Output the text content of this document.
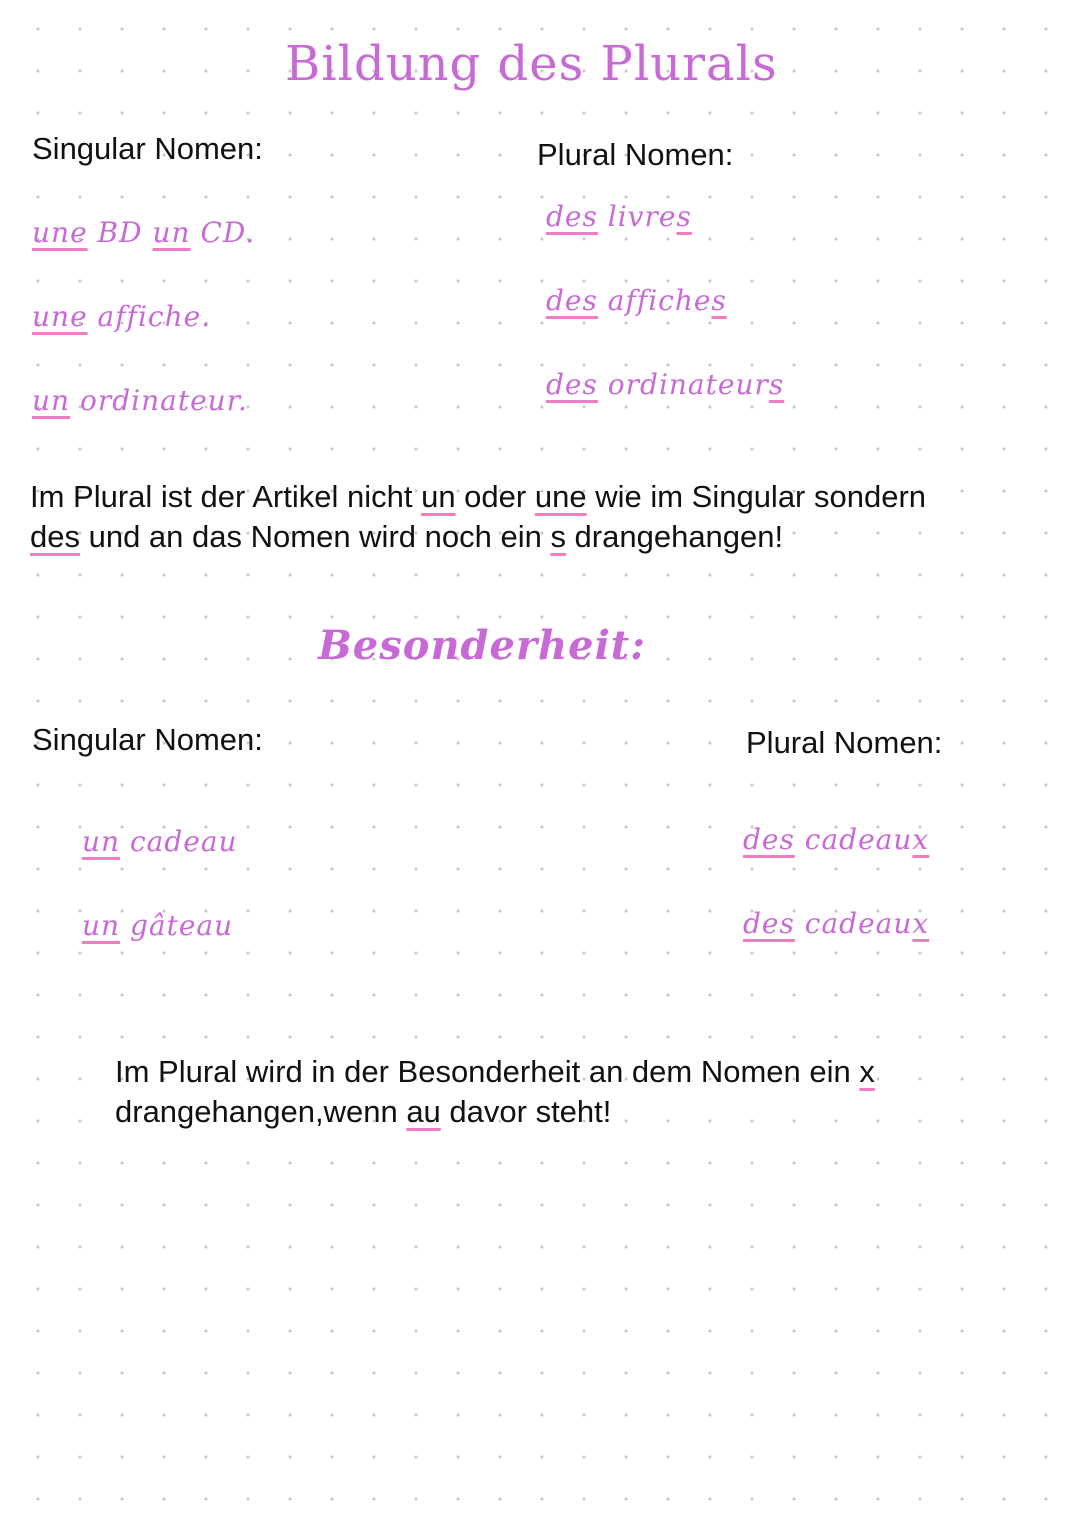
Bildung des Plurals
Singular Nomen:	Plural Nomen:
une BD un CD.
une affiche.
un ordinateur.
des livres
des affiches
des ordinateurs
Im Plural ist der Artikel nicht un oder une wie im Singular sondern
des und an das Nomen wird noch ein s drangehangen!
Besonderheit:
Singular Nomen:	Plural Nomen:
un cadeau
un gâteau
des cadeaux
des cadeaux
Im Plural wird in der Besonderheit an dem Nomen ein x
drangehangen,wenn au davor steht!
